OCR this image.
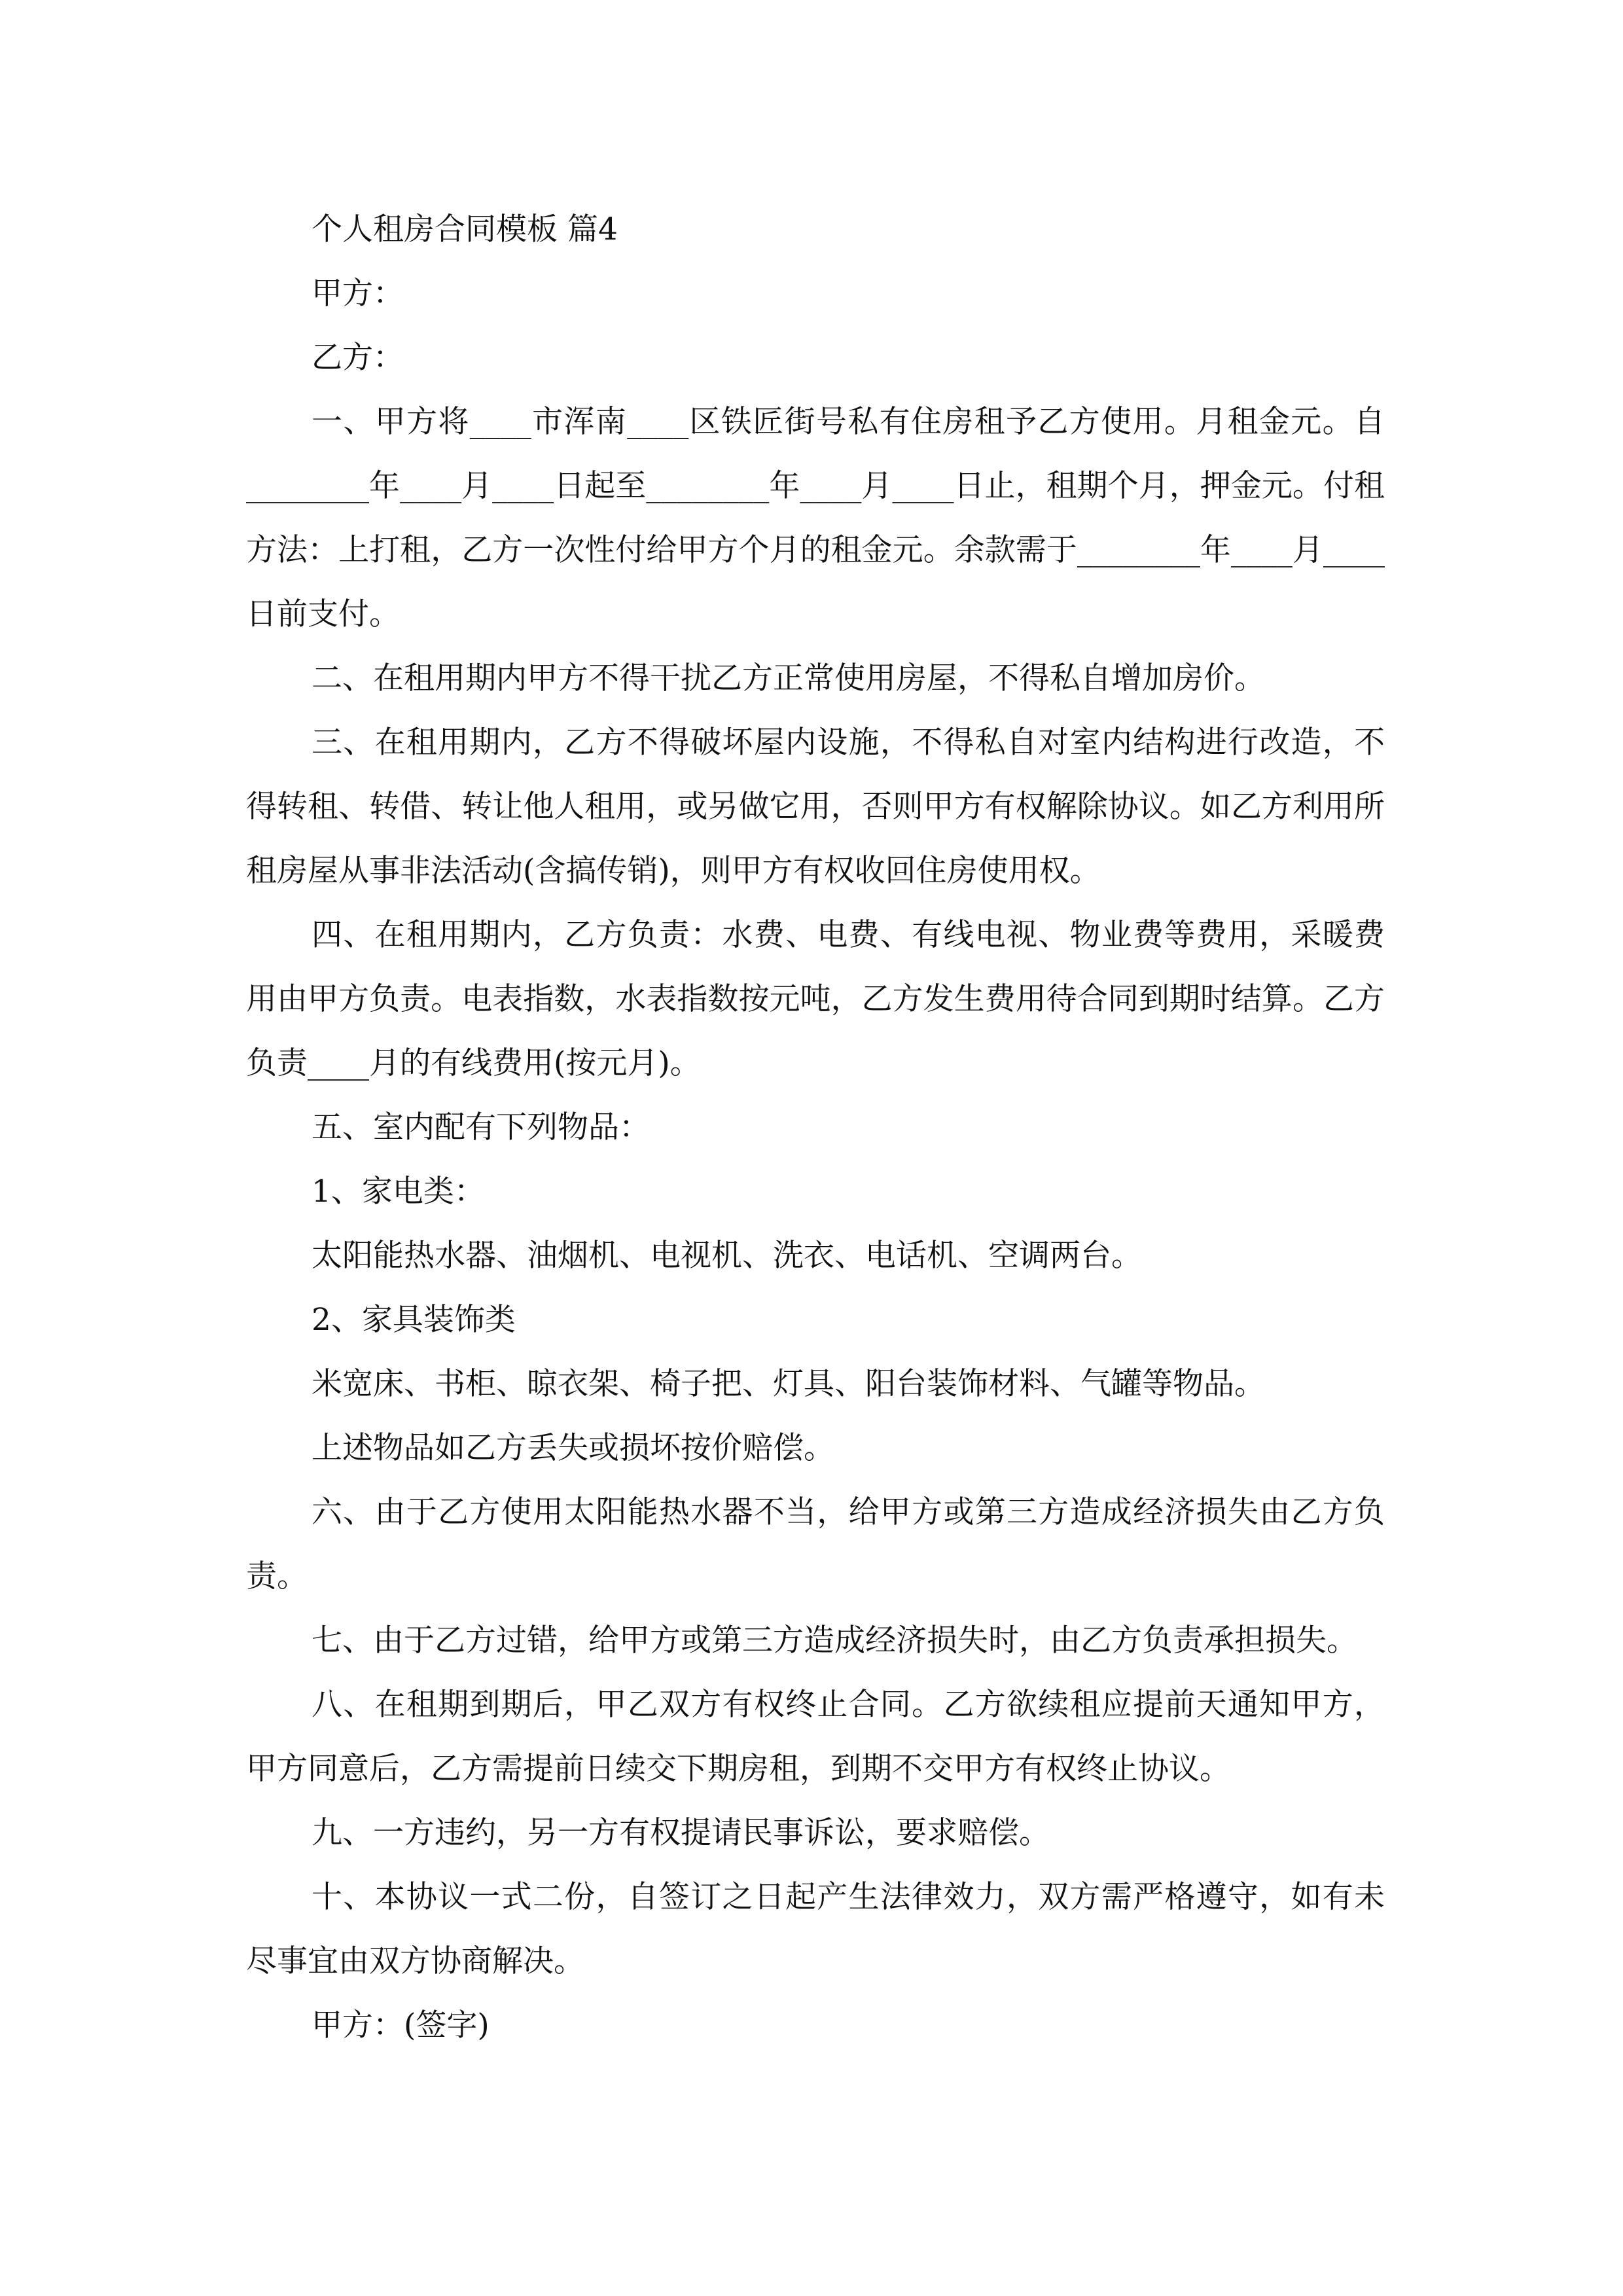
个人租房合同模板 篇4

甲方：

乙方：

一、甲方将____市浑南____区铁匠街号私有住房租予乙方使用。月租金元。自________年____月____日起至________年____月____日止，租期个月，押金元。付租方法：上打租，乙方一次性付给甲方个月的租金元。余款需于________年____月____日前支付。

二、在租用期内甲方不得干扰乙方正常使用房屋，不得私自增加房价。

三、在租用期内，乙方不得破坏屋内设施，不得私自对室内结构进行改造，不得转租、转借、转让他人租用，或另做它用，否则甲方有权解除协议。如乙方利用所租房屋从事非法活动(含搞传销)，则甲方有权收回住房使用权。

四、在租用期内，乙方负责：水费、电费、有线电视、物业费等费用，采暖费用由甲方负责。电表指数，水表指数按元吨，乙方发生费用待合同到期时结算。乙方负责____月的有线费用(按元月)。

五、室内配有下列物品：

1、家电类：

太阳能热水器、油烟机、电视机、洗衣、电话机、空调两台。

2、家具装饰类

米宽床、书柜、晾衣架、椅子把、灯具、阳台装饰材料、气罐等物品。

上述物品如乙方丢失或损坏按价赔偿。

六、由于乙方使用太阳能热水器不当，给甲方或第三方造成经济损失由乙方负责。

七、由于乙方过错，给甲方或第三方造成经济损失时，由乙方负责承担损失。

八、在租期到期后，甲乙双方有权终止合同。乙方欲续租应提前天通知甲方，甲方同意后，乙方需提前日续交下期房租，到期不交甲方有权终止协议。

九、一方违约，另一方有权提请民事诉讼，要求赔偿。

十、本协议一式二份，自签订之日起产生法律效力，双方需严格遵守，如有未尽事宜由双方协商解决。

甲方：(签字)
